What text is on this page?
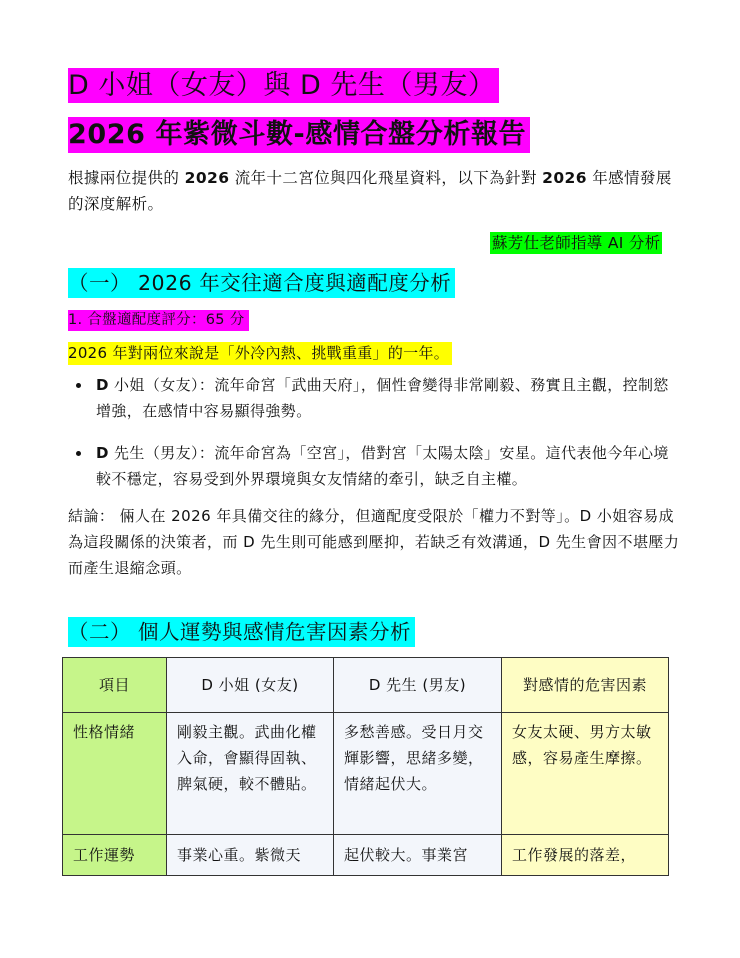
D 小姐（女友）與 D 先生（男友）
2026 年紫微斗數-感情合盤分析報告
根據兩位提供的 2026 流年十二宮位與四化飛星資料，以下為針對 2026 年感情發展的深度解析。
蘇芳仕老師指導 AI 分析
（一） 2026 年交往適合度與適配度分析
1. 合盤適配度評分：65 分
2026 年對兩位來說是「外冷內熱、挑戰重重」的一年。
D 小姐（女友）：流年命宮「武曲天府」，個性會變得非常剛毅、務實且主觀，控制慾增強，在感情中容易顯得強勢。
D 先生（男友）：流年命宮為「空宮」，借對宮「太陽太陰」安星。這代表他今年心境較不穩定，容易受到外界環境與女友情緒的牽引，缺乏自主權。
結論： 倆人在 2026 年具備交往的緣分，但適配度受限於「權力不對等」。D 小姐容易成為這段關係的決策者，而 D 先生則可能感到壓抑，若缺乏有效溝通，D 先生會因不堪壓力而產生退縮念頭。
（二） 個人運勢與感情危害因素分析
項目	D 小姐 (女友)	D 先生 (男友)	對感情的危害因素
性格情緒	剛毅主觀。武曲化權入命，會顯得固執、脾氣硬，較不體貼。	多愁善感。受日月交輝影響，思緒多變，情緒起伏大。	女友太硬、男方太敏感，容易產生摩擦。
工作運勢	事業心重。紫微天	起伏較大。事業宮	工作發展的落差，
